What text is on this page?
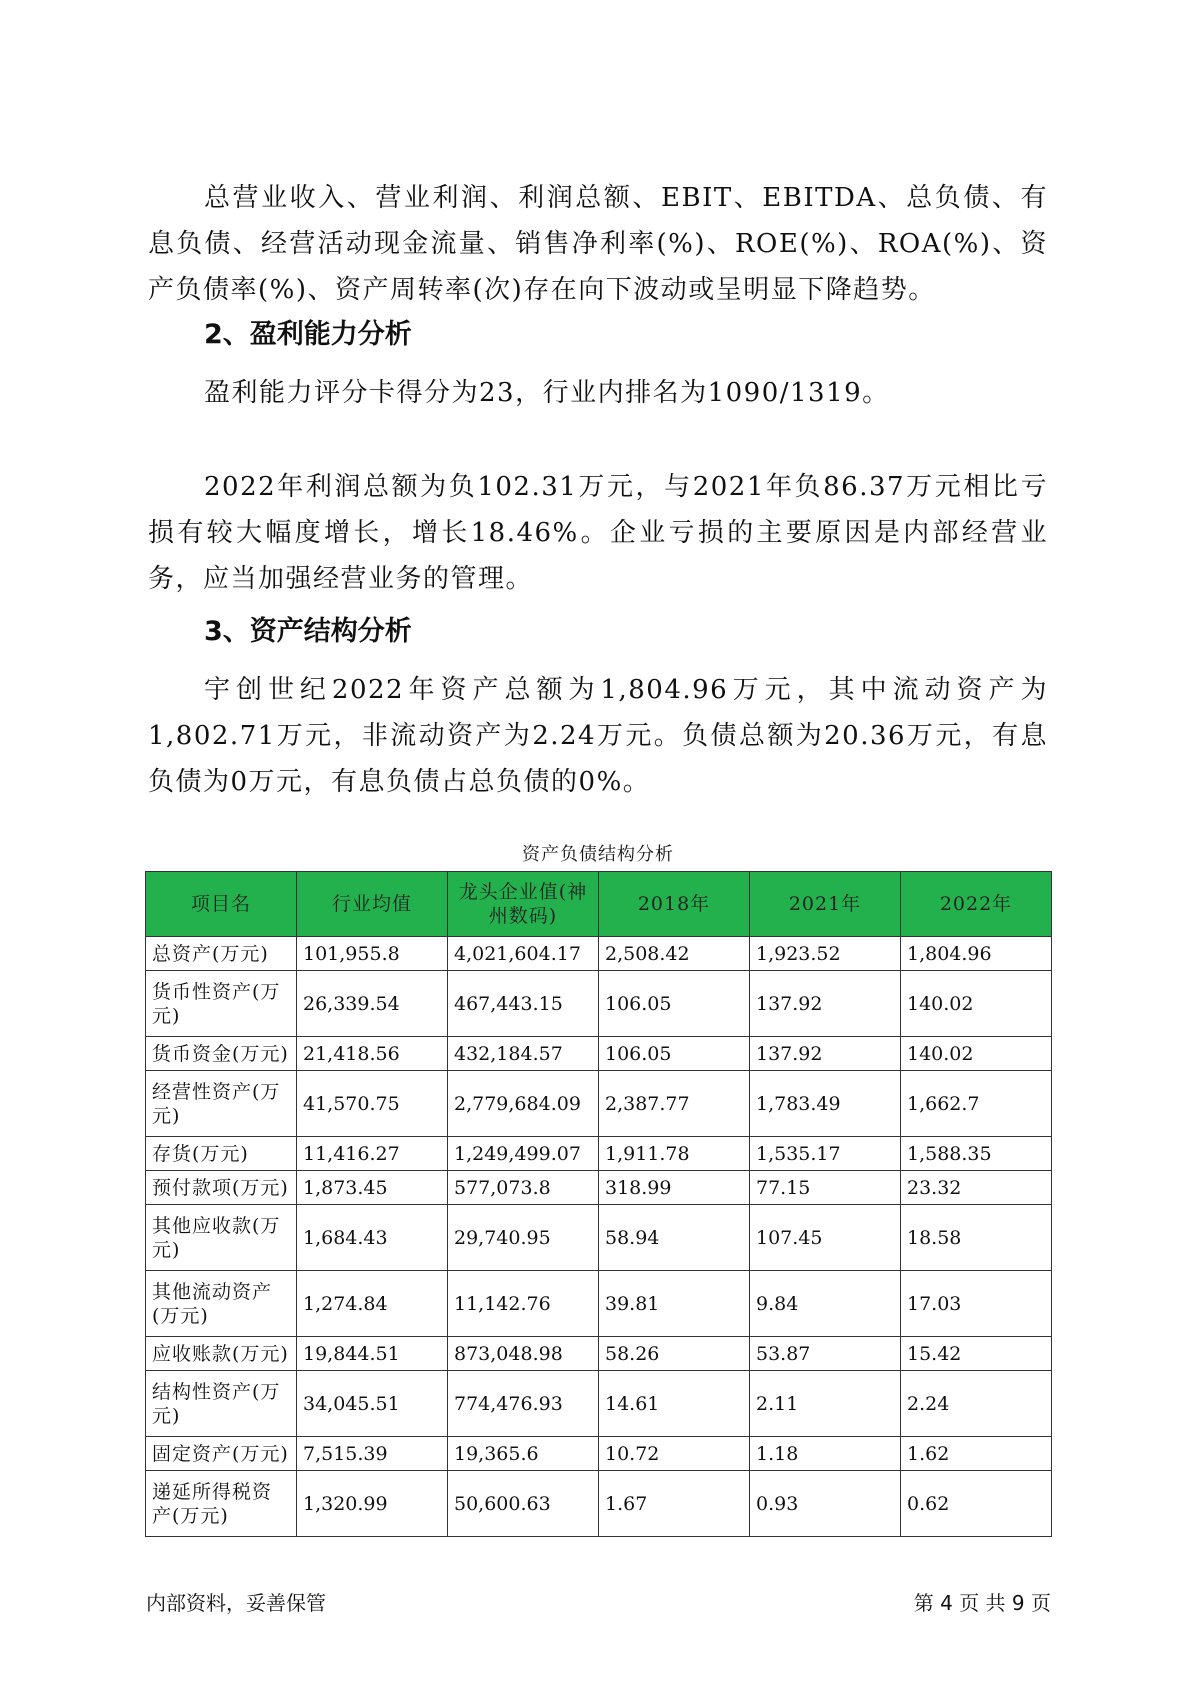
总营业收入、营业利润、利润总额、EBIT、EBITDA、总负债、有息负债、经营活动现金流量、销售净利率(%)、ROE(%)、ROA(%)、资产负债率(%)、资产周转率(次)存在向下波动或呈明显下降趋势。

2、盈利能力分析

盈利能力评分卡得分为23，行业内排名为1090/1319。

2022年利润总额为负102.31万元，与2021年负86.37万元相比亏损有较大幅度增长，增长18.46%。企业亏损的主要原因是内部经营业务，应当加强经营业务的管理。

3、资产结构分析

宇创世纪2022年资产总额为1,804.96万元，其中流动资产为1,802.71万元，非流动资产为2.24万元。负债总额为20.36万元，有息负债为0万元，有息负债占总负债的0%。

资产负债结构分析
项目名	行业均值	龙头企业值(神州数码)	2018年	2021年	2022年
总资产(万元)	101,955.8	4,021,604.17	2,508.42	1,923.52	1,804.96
货币性资产(万元)	26,339.54	467,443.15	106.05	137.92	140.02
货币资金(万元)	21,418.56	432,184.57	106.05	137.92	140.02
经营性资产(万元)	41,570.75	2,779,684.09	2,387.77	1,783.49	1,662.7
存货(万元)	11,416.27	1,249,499.07	1,911.78	1,535.17	1,588.35
预付款项(万元)	1,873.45	577,073.8	318.99	77.15	23.32
其他应收款(万元)	1,684.43	29,740.95	58.94	107.45	18.58
其他流动资产(万元)	1,274.84	11,142.76	39.81	9.84	17.03
应收账款(万元)	19,844.51	873,048.98	58.26	53.87	15.42
结构性资产(万元)	34,045.51	774,476.93	14.61	2.11	2.24
固定资产(万元)	7,515.39	19,365.6	10.72	1.18	1.62
递延所得税资产(万元)	1,320.99	50,600.63	1.67	0.93	0.62
内部资料，妥善保管	第 4 页 共 9 页
